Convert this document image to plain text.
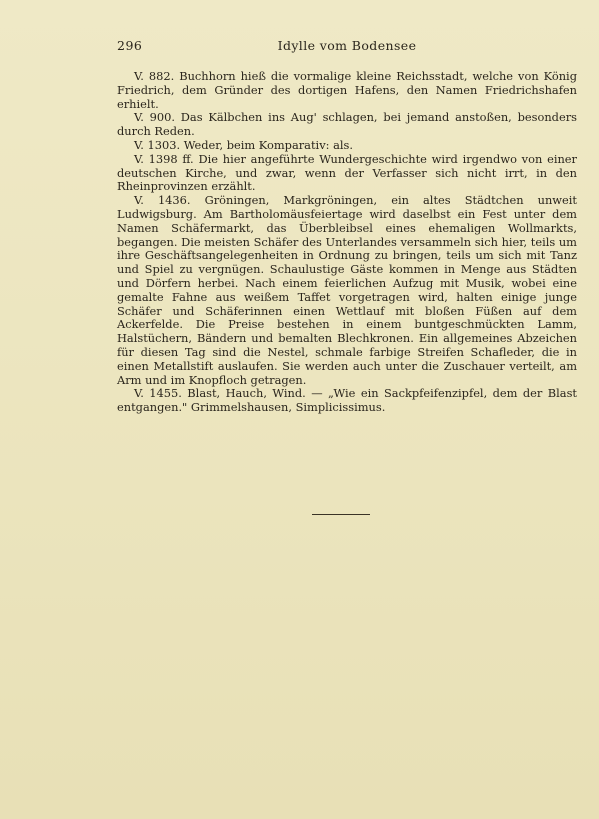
296	Idylle vom Bodensee

V. 882. Buchhorn hieß die vormalige kleine Reichsstadt, welche von König Friedrich, dem Gründer des dortigen Hafens, den Namen Friedrichshafen erhielt.

V. 900. Das Kälbchen ins Aug' schlagen, bei jemand anstoßen, besonders durch Reden.

V. 1303. Weder, beim Komparativ: als.

V. 1398 ff. Die hier angeführte Wundergeschichte wird irgendwo von einer deutschen Kirche, und zwar, wenn der Verfasser sich nicht irrt, in den Rheinprovinzen erzählt.

V. 1436. Gröningen, Markgröningen, ein altes Städtchen unweit Ludwigsburg. Am Bartholomäusfeiertage wird daselbst ein Fest unter dem Namen Schäfermarkt, das Überbleibsel eines ehemaligen Wollmarkts, begangen. Die meisten Schäfer des Unterlandes versammeln sich hier, teils um ihre Geschäftsangelegenheiten in Ordnung zu bringen, teils um sich mit Tanz und Spiel zu vergnügen. Schaulustige Gäste kommen in Menge aus Städten und Dörfern herbei. Nach einem feierlichen Aufzug mit Musik, wobei eine gemalte Fahne aus weißem Taffet vorgetragen wird, halten einige junge Schäfer und Schäferinnen einen Wettlauf mit bloßen Füßen auf dem Ackerfelde. Die Preise bestehen in einem buntgeschmückten Lamm, Halstüchern, Bändern und bemalten Blechkronen. Ein allgemeines Abzeichen für diesen Tag sind die Nestel, schmale farbige Streifen Schafleder, die in einen Metallstift auslaufen. Sie werden auch unter die Zuschauer verteilt, am Arm und im Knopfloch getragen.

V. 1455. Blast, Hauch, Wind. — „Wie ein Sackpfeifenzipfel, dem der Blast entgangen." Grimmelshausen, Simplicissimus.
